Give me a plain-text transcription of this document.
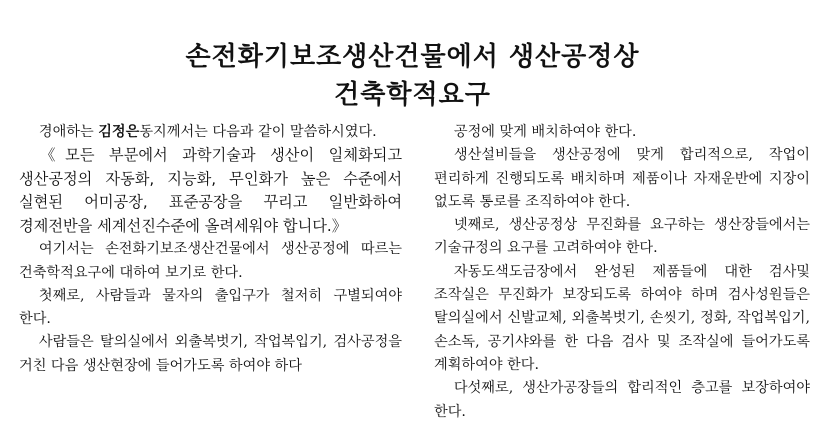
손전화기보조생산건물에서 생산공정상
건축학적요구

경애하는 김정은동지께서는 다음과 같이 말씀하시였다.

《모든 부문에서 과학기술과 생산이 일체화되고 생산공정의 자동화, 지능화, 무인화가 높은 수준에서 실현된 어미공장, 표준공장을 꾸리고 일반화하여 경제전반을 세계선진수준에 올려세워야 합니다.》

여기서는 손전화기보조생산건물에서 생산공정에 따르는 건축학적요구에 대하여 보기로 한다.

첫째로, 사람들과 물자의 출입구가 철저히 구별되여야 한다.

사람들은 탈의실에서 외출복벗기, 작업복입기, 검사공정을 거친 다음 생산현장에 들어가도록 하여야 하다

공정에 맞게 배치하여야 한다.

생산설비들을 생산공정에 맞게 합리적으로, 작업이 편리하게 진행되도록 배치하며 제품이나 자재운반에 지장이 없도록 통로를 조직하여야 한다.

넷째로, 생산공정상 무진화를 요구하는 생산장들에서는 기술규정의 요구를 고려하여야 한다.

자동도색도금장에서 완성된 제품들에 대한 검사및 조작실은 무진화가 보장되도록 하여야 하며 검사성원들은 탈의실에서 신발교체, 외출복벗기, 손씻기, 정화, 작업복입기, 손소독, 공기샤와를 한 다음 검사 및 조작실에 들어가도록 계획하여야 한다.

다섯째로, 생산가공장들의 합리적인 층고를 보장하여야 한다.
